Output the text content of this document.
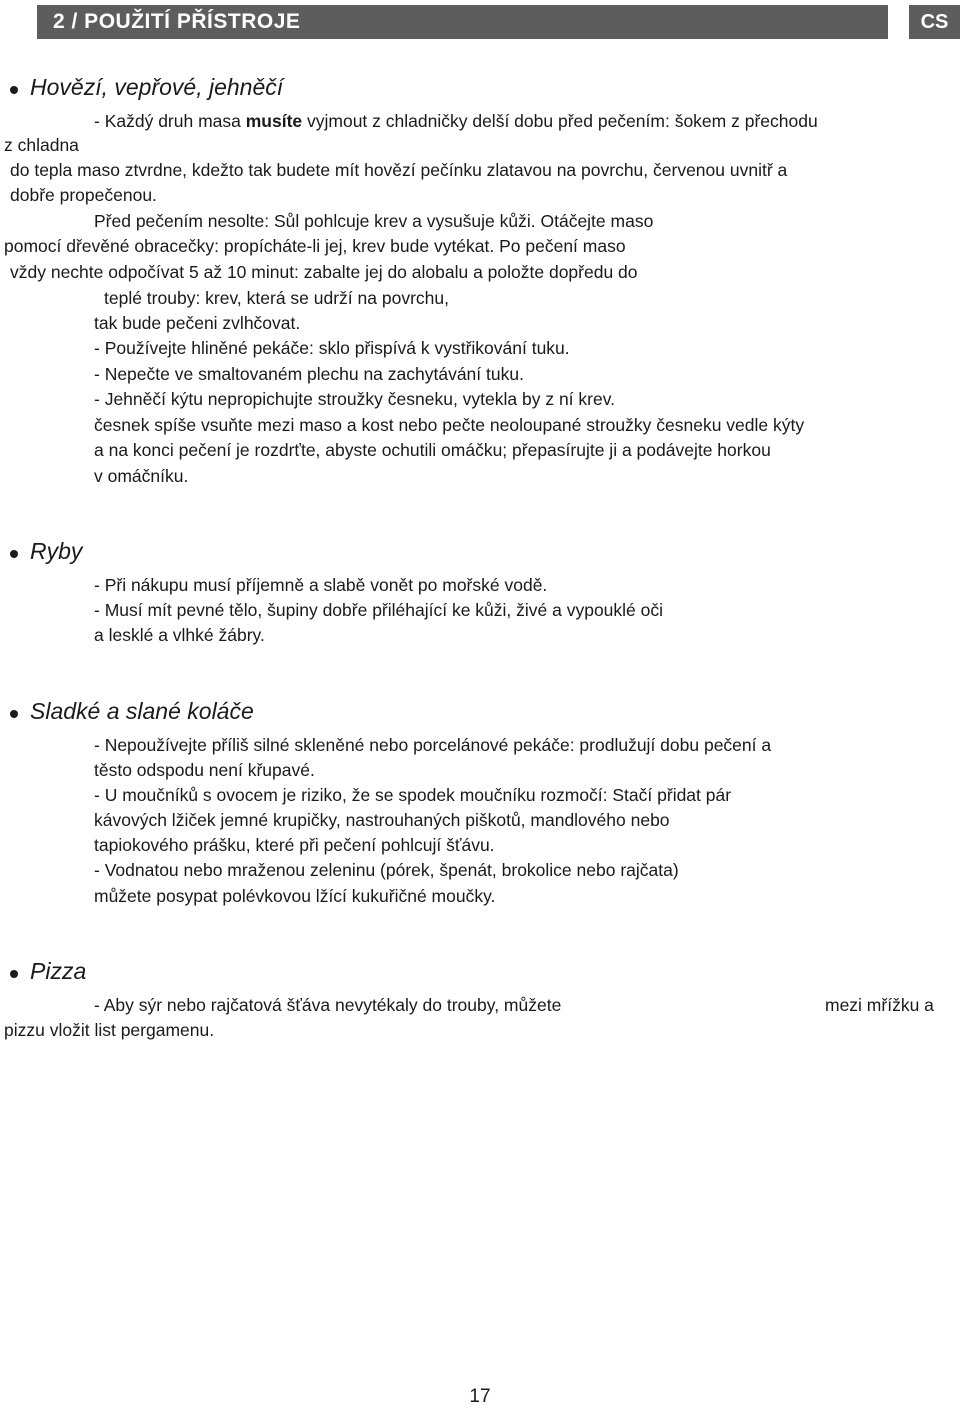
2 / POUŽITÍ PŘÍSTROJE	CS
Hovězí, vepřové, jehněčí
- Každý druh masa musíte vyjmout z chladničky delší dobu před pečením: šokem z přechodu
z chladna
do tepla maso ztvrdne, kdežto tak budete mít hovězí pečínku zlatavou na povrchu, červenou uvnitř a
dobře propečenou.
Před pečením nesolte: Sůl pohlcuje krev a vysušuje kůži. Otáčejte maso
pomocí dřevěné obracečky: propícháte-li jej, krev bude vytékat. Po pečení maso
vždy nechte odpočívat 5 až 10 minut: zabalte jej do alobalu a položte dopředu do
teplé trouby: krev, která se udrží na povrchu,
tak bude pečeni zvlhčovat.
- Používejte hliněné pekáče: sklo přispívá k vystřikování tuku.
- Nepečte ve smaltovaném plechu na zachytávání tuku.
- Jehněčí kýtu nepropichujte stroužky česneku, vytekla by z ní krev.
česnek spíše vsuňte mezi maso a kost nebo pečte neoloupané stroužky česneku vedle kýty
a na konci pečení je rozdrťte, abyste ochutili omáčku; přepasírujte ji a podávejte horkou
v omáčníku.
Ryby
- Při nákupu musí příjemně a slabě vonět po mořské vodě.
- Musí mít pevné tělo, šupiny dobře přiléhající ke kůži, živé a vypouklé oči
a lesklé a vlhké žábry.
Sladké a slané koláče
- Nepoužívejte příliš silné skleněné nebo porcelánové pekáče: prodlužují dobu pečení a
těsto odspodu není křupavé.
- U moučníků s ovocem je riziko, že se spodek moučníku rozmočí: Stačí přidat pár
kávových lžiček jemné krupičky, nastrouhaných piškotů, mandlového nebo
tapiokového prášku, které při pečení pohlcují šťávu.
- Vodnatou nebo mraženou zeleninu (pórek, špenát, brokolice nebo rajčata)
můžete posypat polévkovou lžící kukuřičné moučky.
Pizza
- Aby sýr nebo rajčatová šťáva nevytékaly do trouby, můžete	mezi mřížku a
pizzu vložit list pergamenu.
17
